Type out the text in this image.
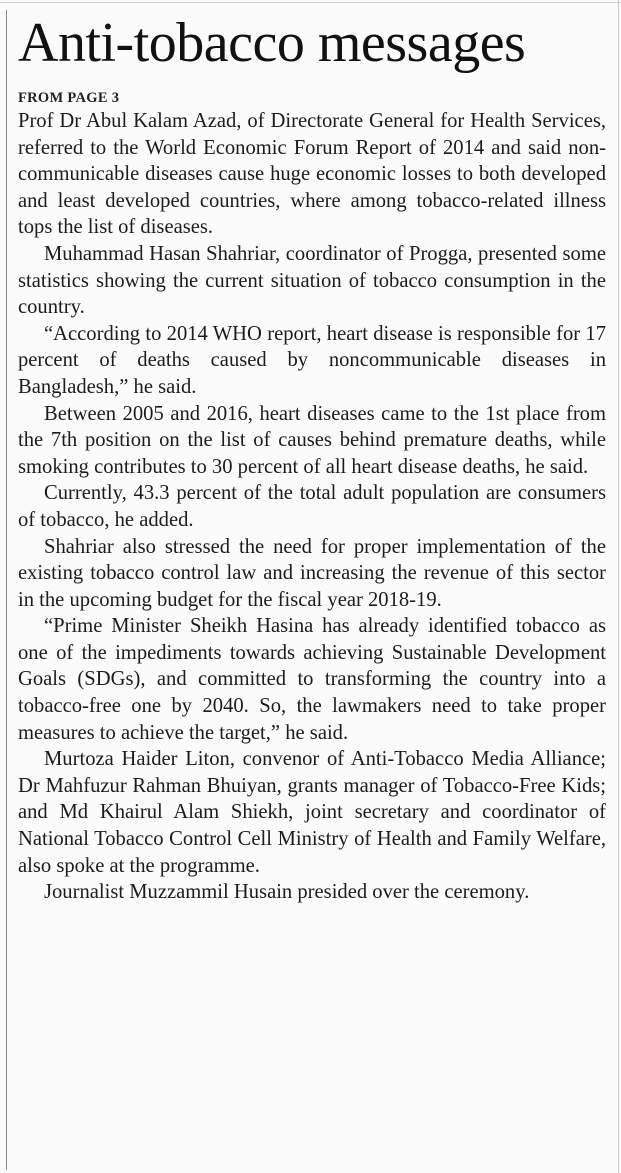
Anti-tobacco messages
FROM PAGE 3

Prof Dr Abul Kalam Azad, of Directorate General for Health Services, referred to the World Economic Forum Report of 2014 and said non-communicable diseases cause huge economic losses to both developed and least developed countries, where among tobacco-related illness tops the list of diseases.

Muhammad Hasan Shahriar, coordinator of Progga, presented some statistics showing the current situation of tobacco consumption in the country.

“According to 2014 WHO report, heart disease is responsible for 17 percent of deaths caused by noncommunicable diseases in Bangladesh,” he said.

Between 2005 and 2016, heart diseases came to the 1st place from the 7th position on the list of causes behind premature deaths, while smoking contributes to 30 percent of all heart disease deaths, he said.

Currently, 43.3 percent of the total adult population are consumers of tobacco, he added.

Shahriar also stressed the need for proper implementation of the existing tobacco control law and increasing the revenue of this sector in the upcoming budget for the fiscal year 2018-19.

“Prime Minister Sheikh Hasina has already identified tobacco as one of the impediments towards achieving Sustainable Development Goals (SDGs), and committed to transforming the country into a tobacco-free one by 2040. So, the lawmakers need to take proper measures to achieve the target,” he said.

Murtoza Haider Liton, convenor of Anti-Tobacco Media Alliance; Dr Mahfuzur Rahman Bhuiyan, grants manager of Tobacco-Free Kids; and Md Khairul Alam Shiekh, joint secretary and coordinator of National Tobacco Control Cell Ministry of Health and Family Welfare, also spoke at the programme.

Journalist Muzzammil Husain presided over the ceremony.
